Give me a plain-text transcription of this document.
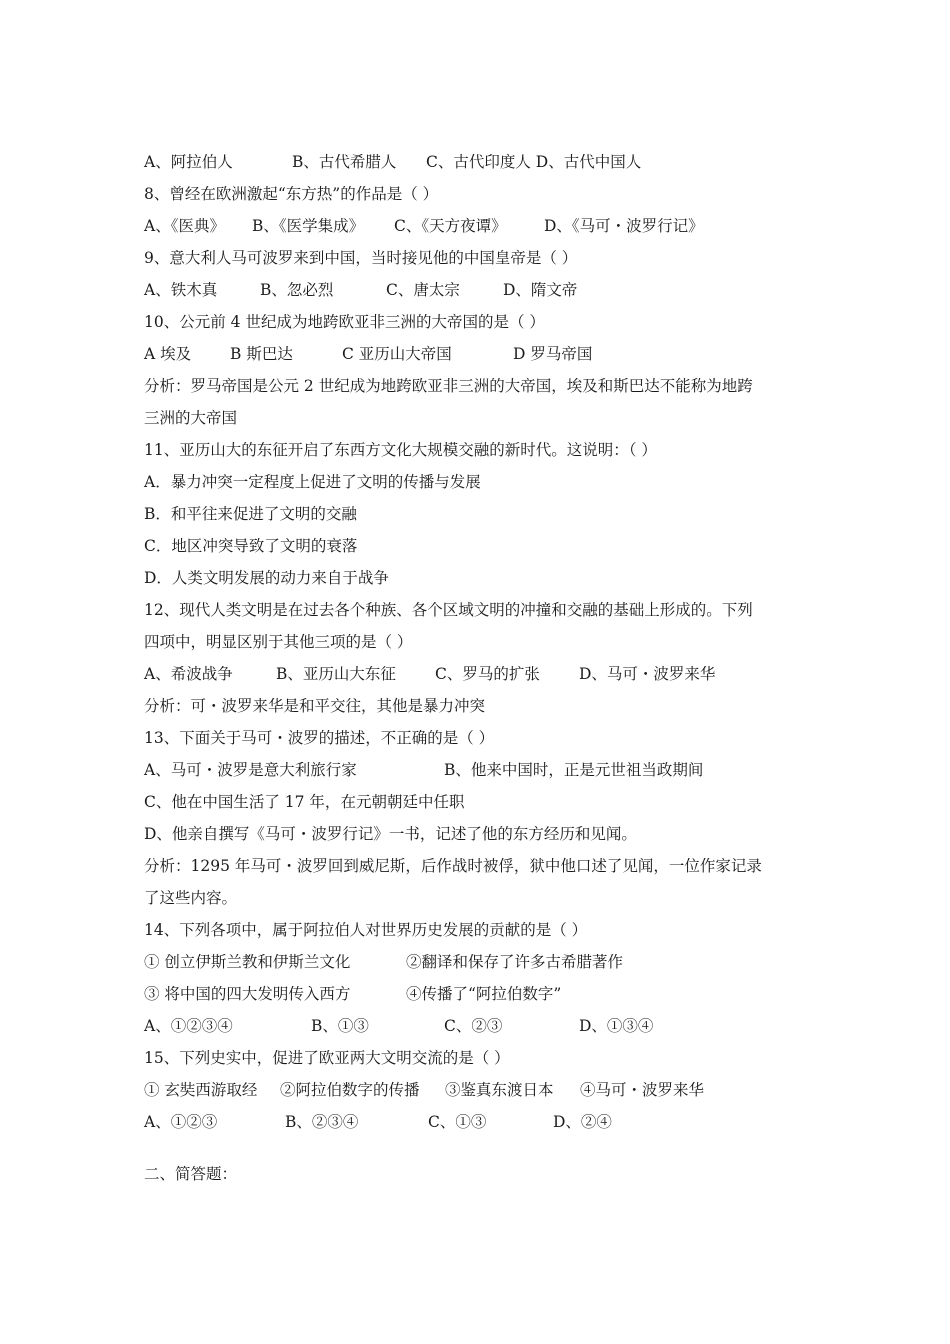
A、阿拉伯人	B、古代希腊人	C、古代印度人 D、古代中国人
8、曾经在欧洲激起“东方热”的作品是（ ）
A、《医典》	B、《医学集成》	C、《天方夜谭》	D、《马可・波罗行记》
9、意大利人马可波罗来到中国，当时接见他的中国皇帝是（ ）
A、铁木真	B、忽必烈	C、唐太宗	D、隋文帝
10、公元前 4 世纪成为地跨欧亚非三洲的大帝国的是（ ）
A 埃及	B 斯巴达	C 亚历山大帝国	D 罗马帝国
分析：罗马帝国是公元 2 世纪成为地跨欧亚非三洲的大帝国，埃及和斯巴达不能称为地跨
三洲的大帝国
11、亚历山大的东征开启了东西方文化大规模交融的新时代。这说明：（ ）
A．暴力冲突一定程度上促进了文明的传播与发展
B．和平往来促进了文明的交融
C．地区冲突导致了文明的衰落
D．人类文明发展的动力来自于战争
12、现代人类文明是在过去各个种族、各个区域文明的冲撞和交融的基础上形成的。下列
四项中，明显区别于其他三项的是（ ）
A、希波战争	B、亚历山大东征	C、罗马的扩张	D、马可・波罗来华
分析：可・波罗来华是和平交往，其他是暴力冲突
13、下面关于马可・波罗的描述，不正确的是（ ）
A、马可・波罗是意大利旅行家	B、他来中国时，正是元世祖当政期间
C、他在中国生活了 17 年，在元朝朝廷中任职
D、他亲自撰写《马可・波罗行记》一书，记述了他的东方经历和见闻。
分析：1295 年马可・波罗回到威尼斯，后作战时被俘，狱中他口述了见闻，一位作家记录
了这些内容。
14、下列各项中，属于阿拉伯人对世界历史发展的贡献的是（ ）
① 创立伊斯兰教和伊斯兰文化	②翻译和保存了许多古希腊著作
③ 将中国的四大发明传入西方	④传播了“阿拉伯数字”
A、①②③④	B、①③	C、②③	D、①③④
15、下列史实中，促进了欧亚两大文明交流的是（ ）
① 玄奘西游取经	②阿拉伯数字的传播	③鉴真东渡日本	④马可・波罗来华
A、①②③	B、②③④	C、①③	D、②④
二、简答题：
